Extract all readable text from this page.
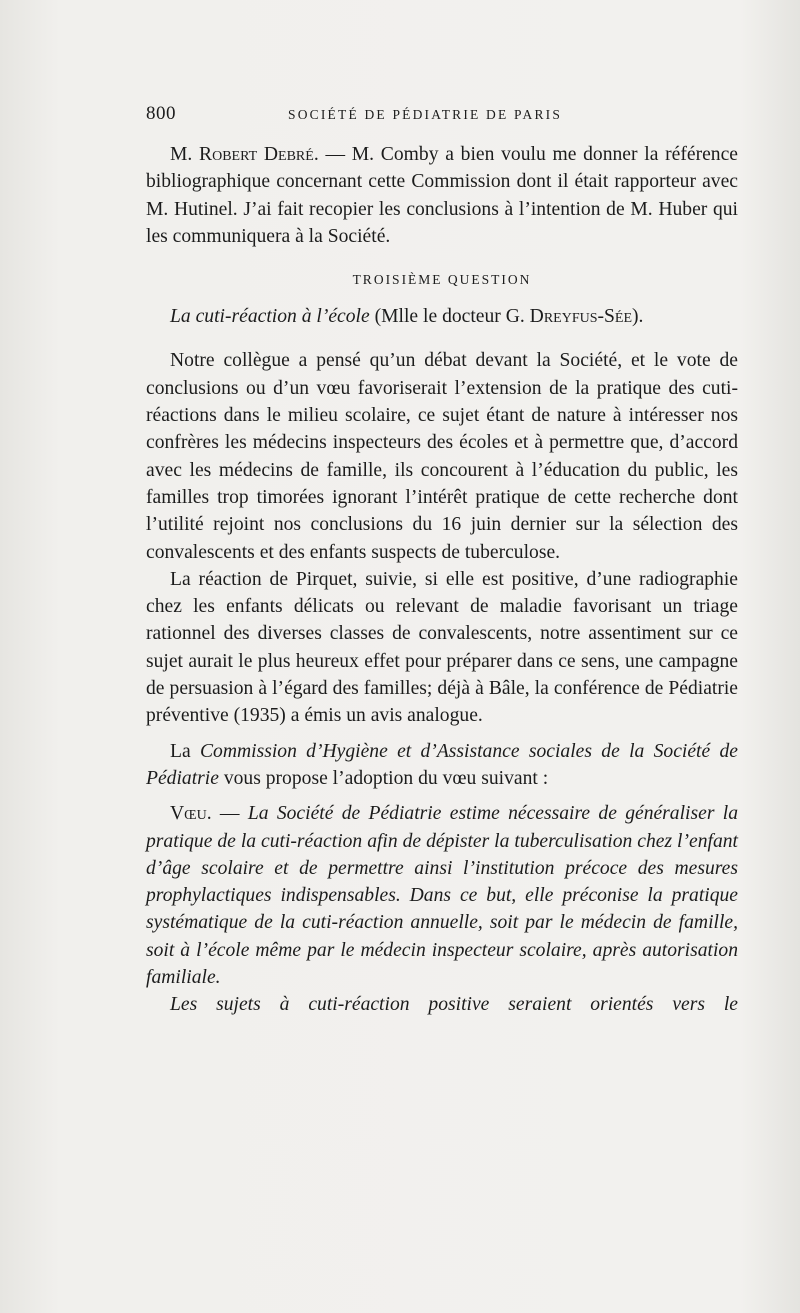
800	SOCIÉTÉ DE PÉDIATRIE DE PARIS

M. Robert Debré. — M. Comby a bien voulu me donner la référence bibliographique concernant cette Commission dont il était rapporteur avec M. Hutinel. J’ai fait recopier les conclusions à l’intention de M. Huber qui les communiquera à la Société.

TROISIÈME QUESTION

La cuti-réaction à l’école (Mlle le docteur G. Dreyfus-Sée).

Notre collègue a pensé qu’un débat devant la Société, et le vote de conclusions ou d’un vœu favoriserait l’extension de la pratique des cuti-réactions dans le milieu scolaire, ce sujet étant de nature à intéresser nos confrères les médecins inspecteurs des écoles et à permettre que, d’accord avec les médecins de famille, ils concourent à l’éducation du public, les familles trop timorées ignorant l’intérêt pratique de cette recherche dont l’utilité rejoint nos conclusions du 16 juin dernier sur la sélection des convalescents et des enfants suspects de tuberculose.

La réaction de Pirquet, suivie, si elle est positive, d’une radiographie chez les enfants délicats ou relevant de maladie favorisant un triage rationnel des diverses classes de convalescents, notre assentiment sur ce sujet aurait le plus heureux effet pour préparer dans ce sens, une campagne de persuasion à l’égard des familles; déjà à Bâle, la conférence de Pédiatrie préventive (1935) a émis un avis analogue.

La Commission d’Hygiène et d’Assistance sociales de la Société de Pédiatrie vous propose l’adoption du vœu suivant :

Vœu. — La Société de Pédiatrie estime nécessaire de généraliser la pratique de la cuti-réaction afin de dépister la tuberculisation chez l’enfant d’âge scolaire et de permettre ainsi l’institution précoce des mesures prophylactiques indispensables. Dans ce but, elle préconise la pratique systématique de la cuti-réaction annuelle, soit par le médecin de famille, soit à l’école même par le médecin inspecteur scolaire, après autorisation familiale.

Les sujets à cuti-réaction positive seraient orientés vers le
